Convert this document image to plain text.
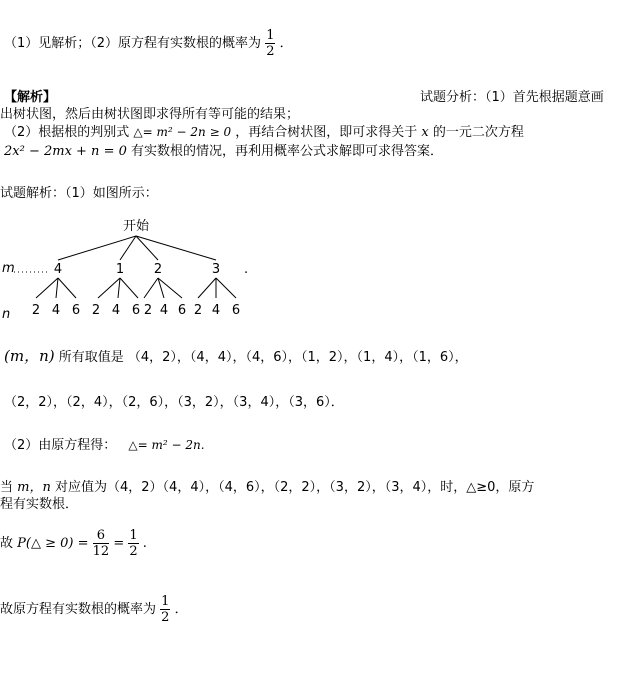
（1）见解析；（2）原方程有实数根的概率为 $\frac{1}{2}$ ．
【解析】	试题分析：（1）首先根据题意画
出树状图，然后由树状图即求得所有等可能的结果；
（2）根据根的判别式 △= m² − 2n ≥ 0 ，再结合树状图，即可求得关于 x 的一元二次方程
2x² − 2mx + n = 0 有实数根的情况，再利用概率公式求解即可求得答案．
试题解析：（1）如图所示：
开始
m	4	1 2	3 .
n 2 4 6 2 4 6 2 4 6 2 4 6
(m，n) 所有取值是 （4，2），（4，4），（4，6），（1，2），（1，4），（1，6），
（2，2），（2，4），（2，6），（3，2），（3，4），（3，6）．
（2）由原方程得： △= m² − 2n.
当 m，n 对应值为（4，2）（4，4），（4，6），（2，2），（3，2），（3，4），时，△≥0，原方
程有实数根．
故 P(△ ≥ $0) = \frac{6}{12} = \frac{1}{2}$ .
故原方程有实数根的概率为 $\frac{1}{2}$ ．
